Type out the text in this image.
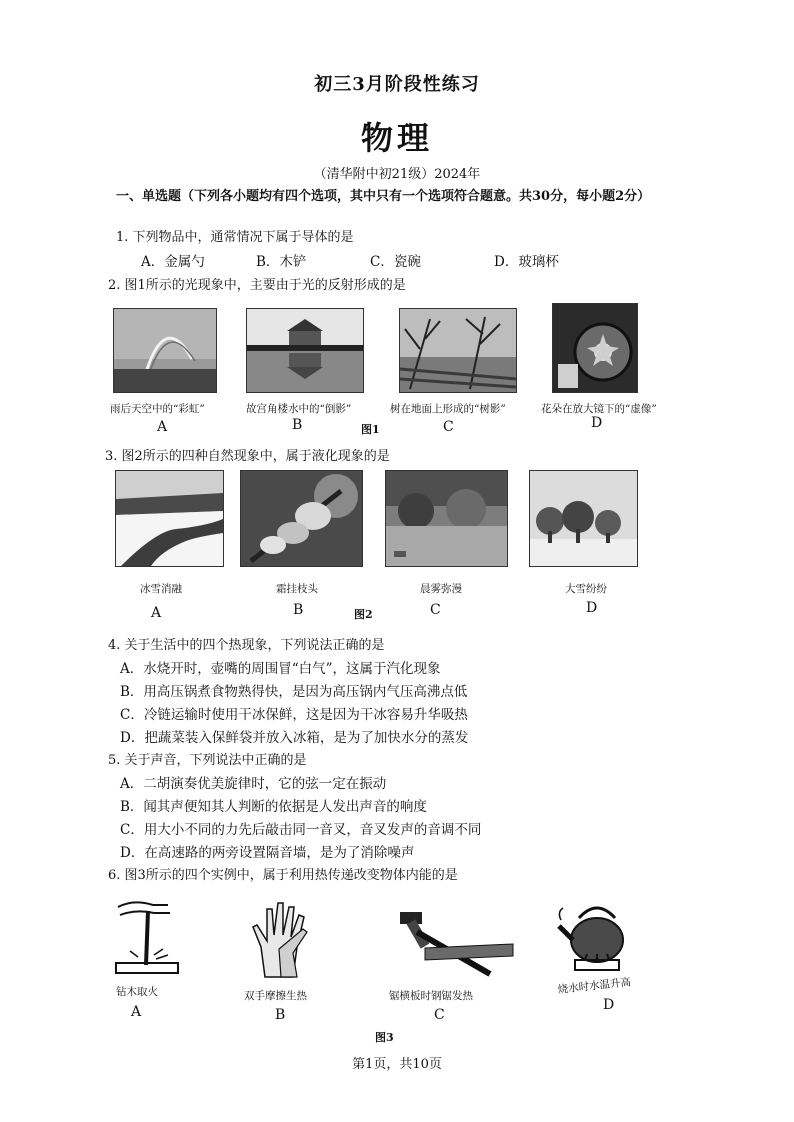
初三3月阶段性练习
物理
（清华附中初21级）2024年
一、单选题（下列各小题均有四个选项，其中只有一个选项符合题意。共30分，每小题2分）
1. 下列物品中，通常情况下属于导体的是
A．金属勺	B．木铲	C．瓷碗	D．玻璃杯
2. 图1所示的光现象中，主要由于光的反射形成的是
雨后天空中的“彩虹”	故宫角楼水中的“倒影”	树在地面上形成的“树影”	花朵在放大镜下的“虚像”
A	B	图1	C	D
3. 图2所示的四种自然现象中，属于液化现象的是
冰雪消融	霜挂枝头	晨雾弥漫	大雪纷纷
A	B	图2	C	D
4. 关于生活中的四个热现象，下列说法正确的是
A．水烧开时，壶嘴的周围冒“白气”，这属于汽化现象
B．用高压锅煮食物熟得快，是因为高压锅内气压高沸点低
C．冷链运输时使用干冰保鲜，这是因为干冰容易升华吸热
D．把蔬菜装入保鲜袋并放入冰箱，是为了加快水分的蒸发
5. 关于声音，下列说法中正确的是
A．二胡演奏优美旋律时，它的弦一定在振动
B．闻其声便知其人判断的依据是人发出声音的响度
C．用大小不同的力先后敲击同一音叉，音叉发声的音调不同
D．在高速路的两旁设置隔音墙，是为了消除噪声
6. 图3所示的四个实例中，属于利用热传递改变物体内能的是
钻木取火	双手摩擦生热	锯横板时钢锯发热
烧水时水温升高
A	B	C
D
图3
第1页，共10页
